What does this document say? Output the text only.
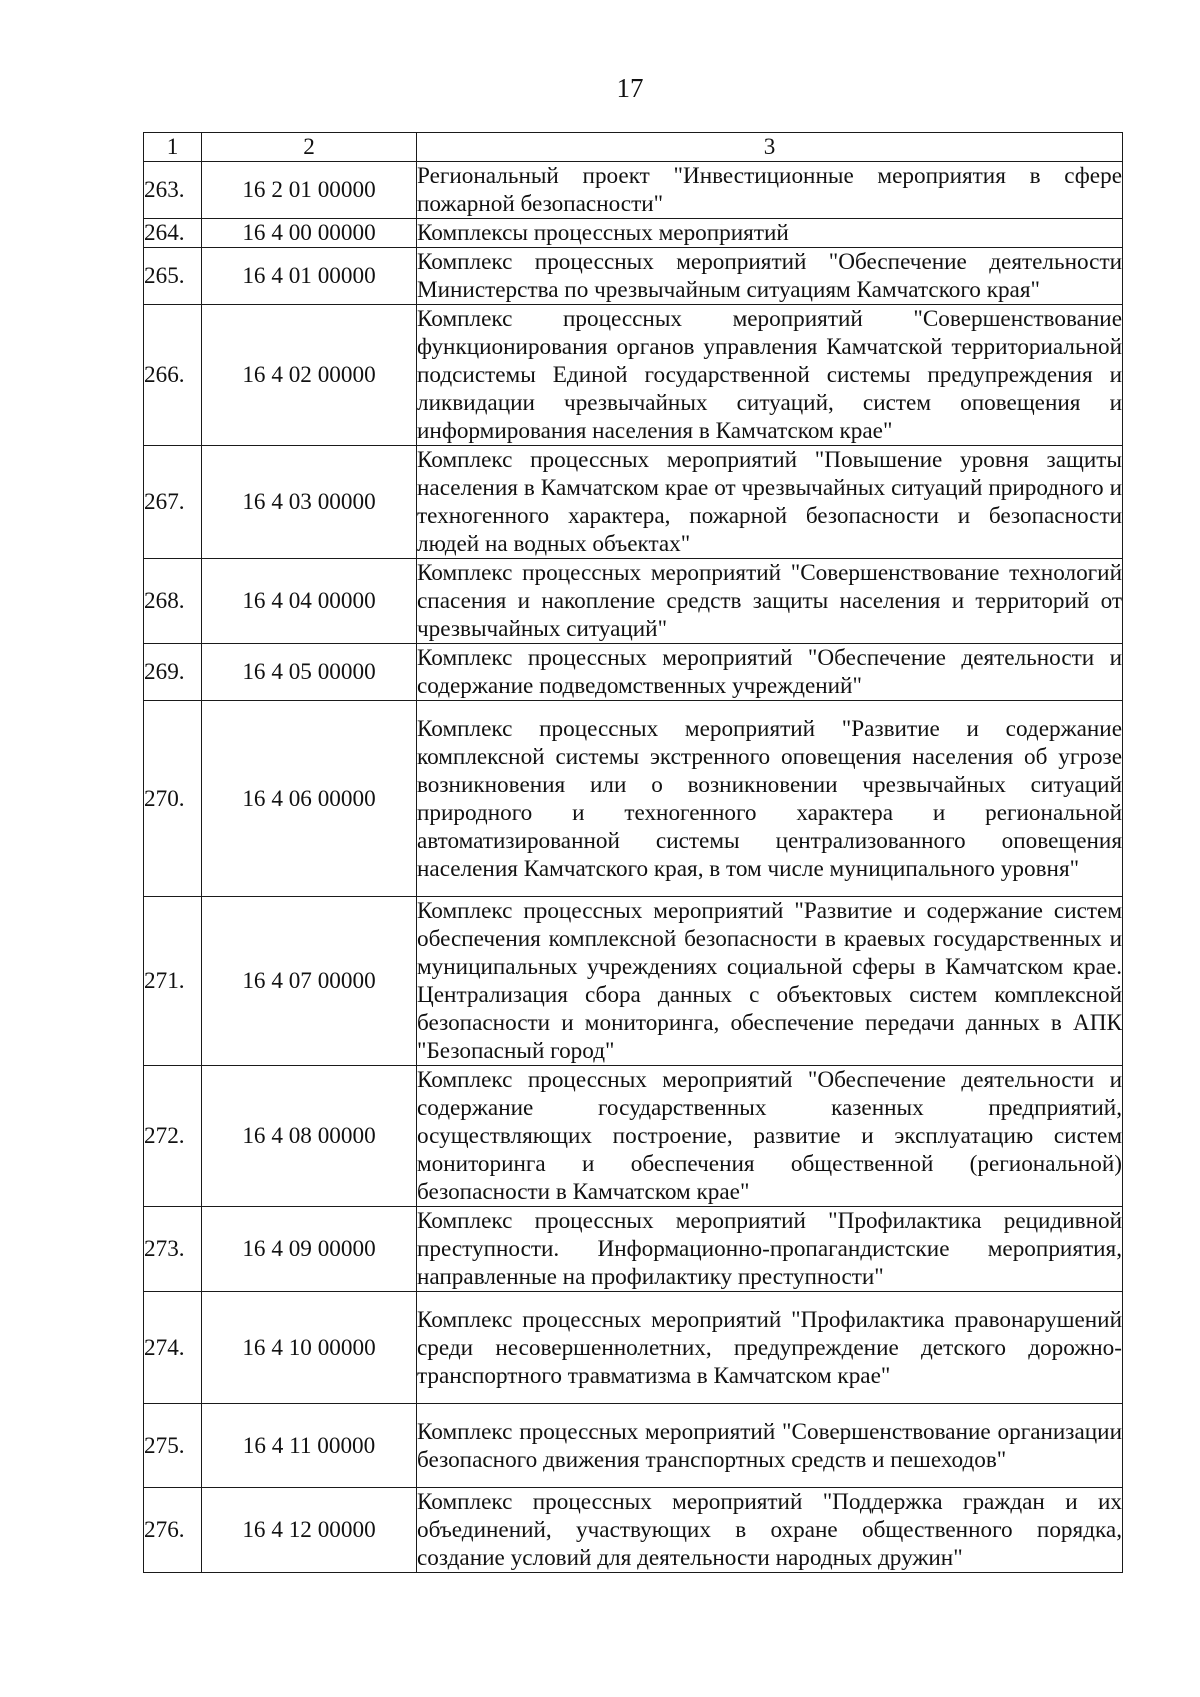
17
1	2	3
263.	16 2 01 00000	Региональный проект "Инвестиционные мероприятия в сфере пожарной безопасности"
264.	16 4 00 00000	Комплексы процессных мероприятий
265.	16 4 01 00000	Комплекс процессных мероприятий "Обеспечение деятельности Министерства по чрезвычайным ситуациям Камчатского края"
266.	16 4 02 00000	Комплекс процессных мероприятий "Совершенствование функционирования органов управления Камчатской территориальной подсистемы Единой государственной системы предупреждения и ликвидации чрезвычайных ситуаций, систем оповещения и информирования населения в Камчатском крае"
267.	16 4 03 00000	Комплекс процессных мероприятий "Повышение уровня защиты населения в Камчатском крае от чрезвычайных ситуаций природного и техногенного характера, пожарной безопасности и безопасности людей на водных объектах"
268.	16 4 04 00000	Комплекс процессных мероприятий "Совершенствование технологий спасения и накопление средств защиты населения и территорий от чрезвычайных ситуаций"
269.	16 4 05 00000	Комплекс процессных мероприятий "Обеспечение деятельности и содержание подведомственных учреждений"
270.	16 4 06 00000	Комплекс процессных мероприятий "Развитие и содержание комплексной системы экстренного оповещения населения об угрозе возникновения или о возникновении чрезвычайных ситуаций природного и техногенного характера и региональной автоматизированной системы централизованного оповещения населения Камчатского края, в том числе муниципального уровня"
271.	16 4 07 00000	Комплекс процессных мероприятий "Развитие и содержание систем обеспечения комплексной безопасности в краевых государственных и муниципальных учреждениях социальной сферы в Камчатском крае. Централизация сбора данных с объектовых систем комплексной безопасности и мониторинга, обеспечение передачи данных в АПК "Безопасный город"
272.	16 4 08 00000	Комплекс процессных мероприятий "Обеспечение деятельности и содержание государственных казенных предприятий, осуществляющих построение, развитие и эксплуатацию систем мониторинга и обеспечения общественной (региональной) безопасности в Камчатском крае"
273.	16 4 09 00000	Комплекс процессных мероприятий "Профилактика рецидивной преступности. Информационно-пропагандистские мероприятия, направленные на профилактику преступности"
274.	16 4 10 00000	Комплекс процессных мероприятий "Профилактика правонарушений среди несовершеннолетних, предупреждение детского дорожно-транспортного травматизма в Камчатском крае"
275.	16 4 11 00000	Комплекс процессных мероприятий "Совершенствование организации безопасного движения транспортных средств и пешеходов"
276.	16 4 12 00000	Комплекс процессных мероприятий "Поддержка граждан и их объединений, участвующих в охране общественного порядка, создание условий для деятельности народных дружин"
